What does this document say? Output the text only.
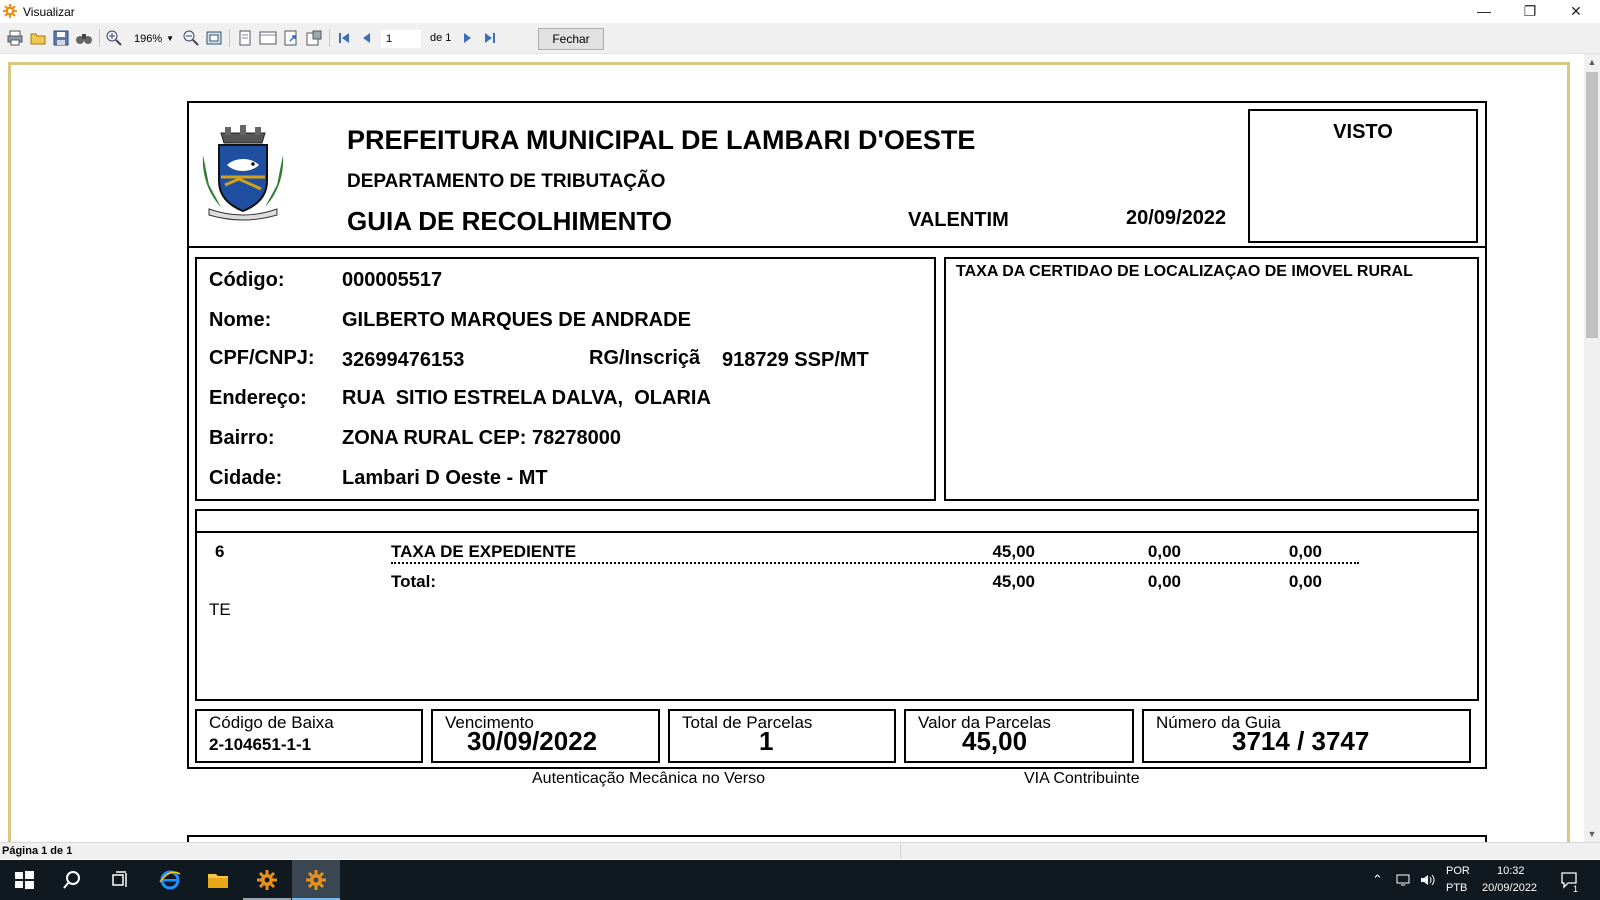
Visualizar	—	❐	✕
196% ▼	1	de 1	Fechar
PREFEITURA MUNICIPAL DE LAMBARI D'OESTE
DEPARTAMENTO DE TRIBUTAÇÃO
GUIA DE RECOLHIMENTO	VALENTIM	20/09/2022
VISTO
Código:	000005517
Nome:	GILBERTO MARQUES DE ANDRADE
CPF/CNPJ: 32699476153	RG/Inscriçã 918729 SSP/MT
Endereço: RUA  SITIO ESTRELA DALVA,  OLARIA
Bairro:	ZONA RURAL CEP: 78278000
Cidade:	Lambari D Oeste - MT
TAXA DA CERTIDAO DE LOCALIZAÇAO DE IMOVEL RURAL
6	TAXA DE EXPEDIENTE	45,00	0,00	0,00
Total:	45,00	0,00	0,00
TE
Código de Baixa
2-104651-1-1
Vencimento
30/09/2022
Total de Parcelas
1
Valor da Parcelas
45,00
Número da Guia
3714 / 3747
Autenticação Mecânica no Verso	VIA Contribuinte
▲
▼
Página 1 de 1
⌃
POR
PTB
10:32
20/09/2022	1
